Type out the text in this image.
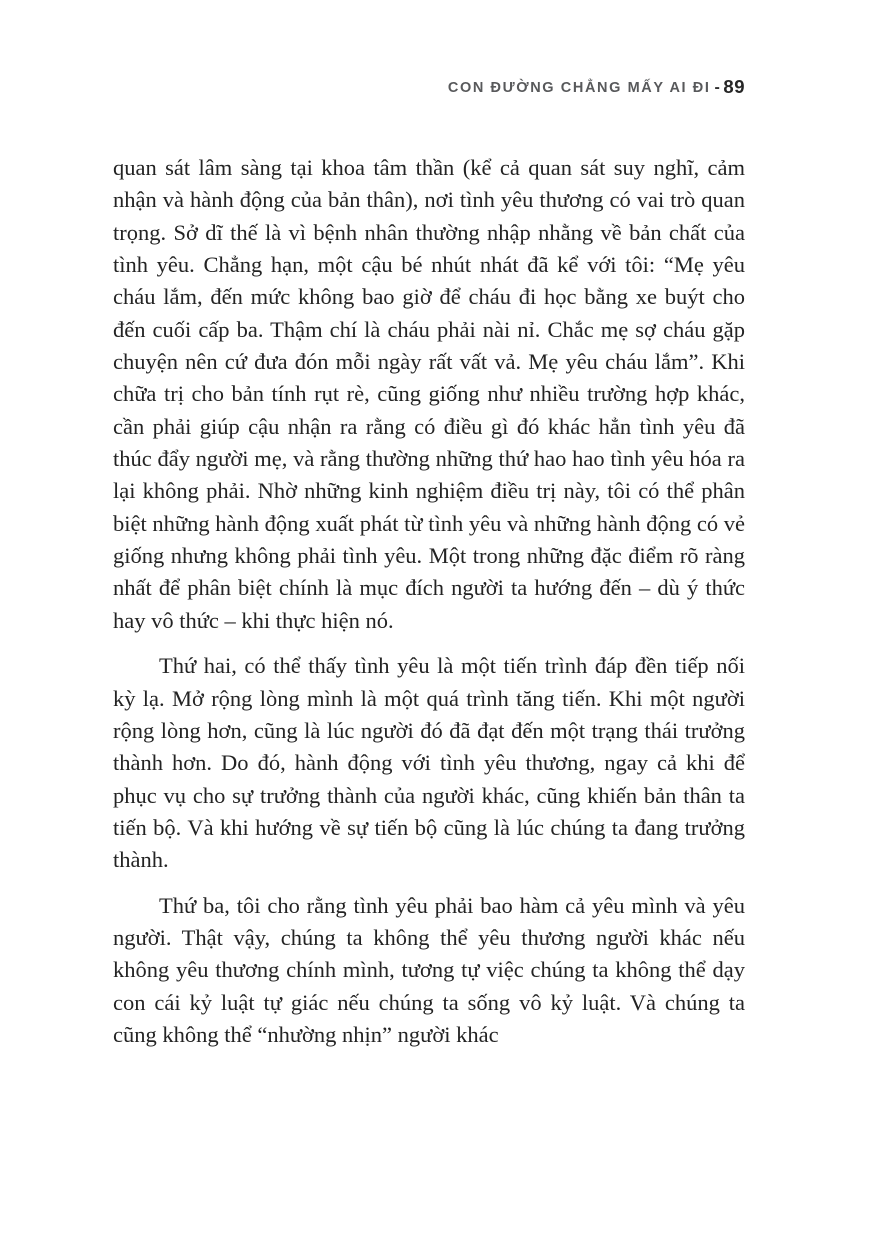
CON ĐƯỜNG CHẲNG MẤY AI ĐI - 89

quan sát lâm sàng tại khoa tâm thần (kể cả quan sát suy nghĩ, cảm nhận và hành động của bản thân), nơi tình yêu thương có vai trò quan trọng. Sở dĩ thế là vì bệnh nhân thường nhập nhằng về bản chất của tình yêu. Chẳng hạn, một cậu bé nhút nhát đã kể với tôi: “Mẹ yêu cháu lắm, đến mức không bao giờ để cháu đi học bằng xe buýt cho đến cuối cấp ba. Thậm chí là cháu phải nài nỉ. Chắc mẹ sợ cháu gặp chuyện nên cứ đưa đón mỗi ngày rất vất vả. Mẹ yêu cháu lắm”. Khi chữa trị cho bản tính rụt rè, cũng giống như nhiều trường hợp khác, cần phải giúp cậu nhận ra rằng có điều gì đó khác hẳn tình yêu đã thúc đẩy người mẹ, và rằng thường những thứ hao hao tình yêu hóa ra lại không phải. Nhờ những kinh nghiệm điều trị này, tôi có thể phân biệt những hành động xuất phát từ tình yêu và những hành động có vẻ giống nhưng không phải tình yêu. Một trong những đặc điểm rõ ràng nhất để phân biệt chính là mục đích người ta hướng đến – dù ý thức hay vô thức – khi thực hiện nó.

Thứ hai, có thể thấy tình yêu là một tiến trình đáp đền tiếp nối kỳ lạ. Mở rộng lòng mình là một quá trình tăng tiến. Khi một người rộng lòng hơn, cũng là lúc người đó đã đạt đến một trạng thái trưởng thành hơn. Do đó, hành động với tình yêu thương, ngay cả khi để phục vụ cho sự trưởng thành của người khác, cũng khiến bản thân ta tiến bộ. Và khi hướng về sự tiến bộ cũng là lúc chúng ta đang trưởng thành.

Thứ ba, tôi cho rằng tình yêu phải bao hàm cả yêu mình và yêu người. Thật vậy, chúng ta không thể yêu thương người khác nếu không yêu thương chính mình, tương tự việc chúng ta không thể dạy con cái kỷ luật tự giác nếu chúng ta sống vô kỷ luật. Và chúng ta cũng không thể “nhường nhịn” người khác
